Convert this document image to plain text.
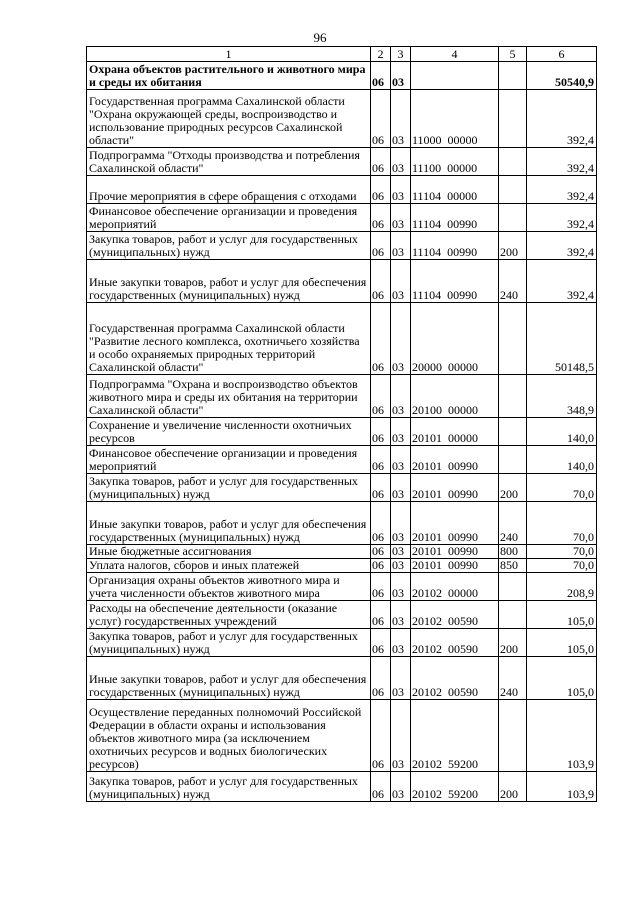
96
1	2	3	4	5	6
Охрана объектов растительного и животного мира и среды их обитания	06	03			50540,9
Государственная программа Сахалинской области "Охрана окружающей среды, воспроизводство и использование природных ресурсов Сахалинской области"	06	03	11000  00000		392,4
Подпрограмма "Отходы производства и потребления Сахалинской области"	06	03	11100  00000		392,4
Прочие мероприятия в сфере обращения с отходами	06	03	11104  00000		392,4
Финансовое обеспечение организации и проведения мероприятий	06	03	11104  00990		392,4
Закупка товаров, работ и услуг для государственных (муниципальных) нужд	06	03	11104  00990	200	392,4
Иные закупки товаров, работ и услуг для обеспечения государственных (муниципальных) нужд	06	03	11104  00990	240	392,4
Государственная программа Сахалинской области "Развитие лесного комплекса, охотничьего хозяйства и особо охраняемых природных территорий Сахалинской области"	06	03	20000  00000		50148,5
Подпрограмма "Охрана и воспроизводство объектов животного мира и среды их обитания на территории Сахалинской области"	06	03	20100  00000		348,9
Сохранение и увеличение численности охотничьих ресурсов	06	03	20101  00000		140,0
Финансовое обеспечение организации и проведения мероприятий	06	03	20101  00990		140,0
Закупка товаров, работ и услуг для государственных (муниципальных) нужд	06	03	20101  00990	200	70,0
Иные закупки товаров, работ и услуг для обеспечения государственных (муниципальных) нужд	06	03	20101  00990	240	70,0
Иные бюджетные ассигнования	06	03	20101  00990	800	70,0
Уплата налогов, сборов и иных платежей	06	03	20101  00990	850	70,0
Организация охраны объектов животного мира и учета численности объектов животного мира	06	03	20102  00000		208,9
Расходы на обеспечение деятельности (оказание услуг) государственных учреждений	06	03	20102  00590		105,0
Закупка товаров, работ и услуг для государственных (муниципальных) нужд	06	03	20102  00590	200	105,0
Иные закупки товаров, работ и услуг для обеспечения государственных (муниципальных) нужд	06	03	20102  00590	240	105,0
Осуществление переданных полномочий Российской Федерации в области охраны и использования объектов животного мира (за исключением охотничьих ресурсов и водных биологических ресурсов)	06	03	20102  59200		103,9
Закупка товаров, работ и услуг для государственных (муниципальных) нужд	06	03	20102  59200	200	103,9
